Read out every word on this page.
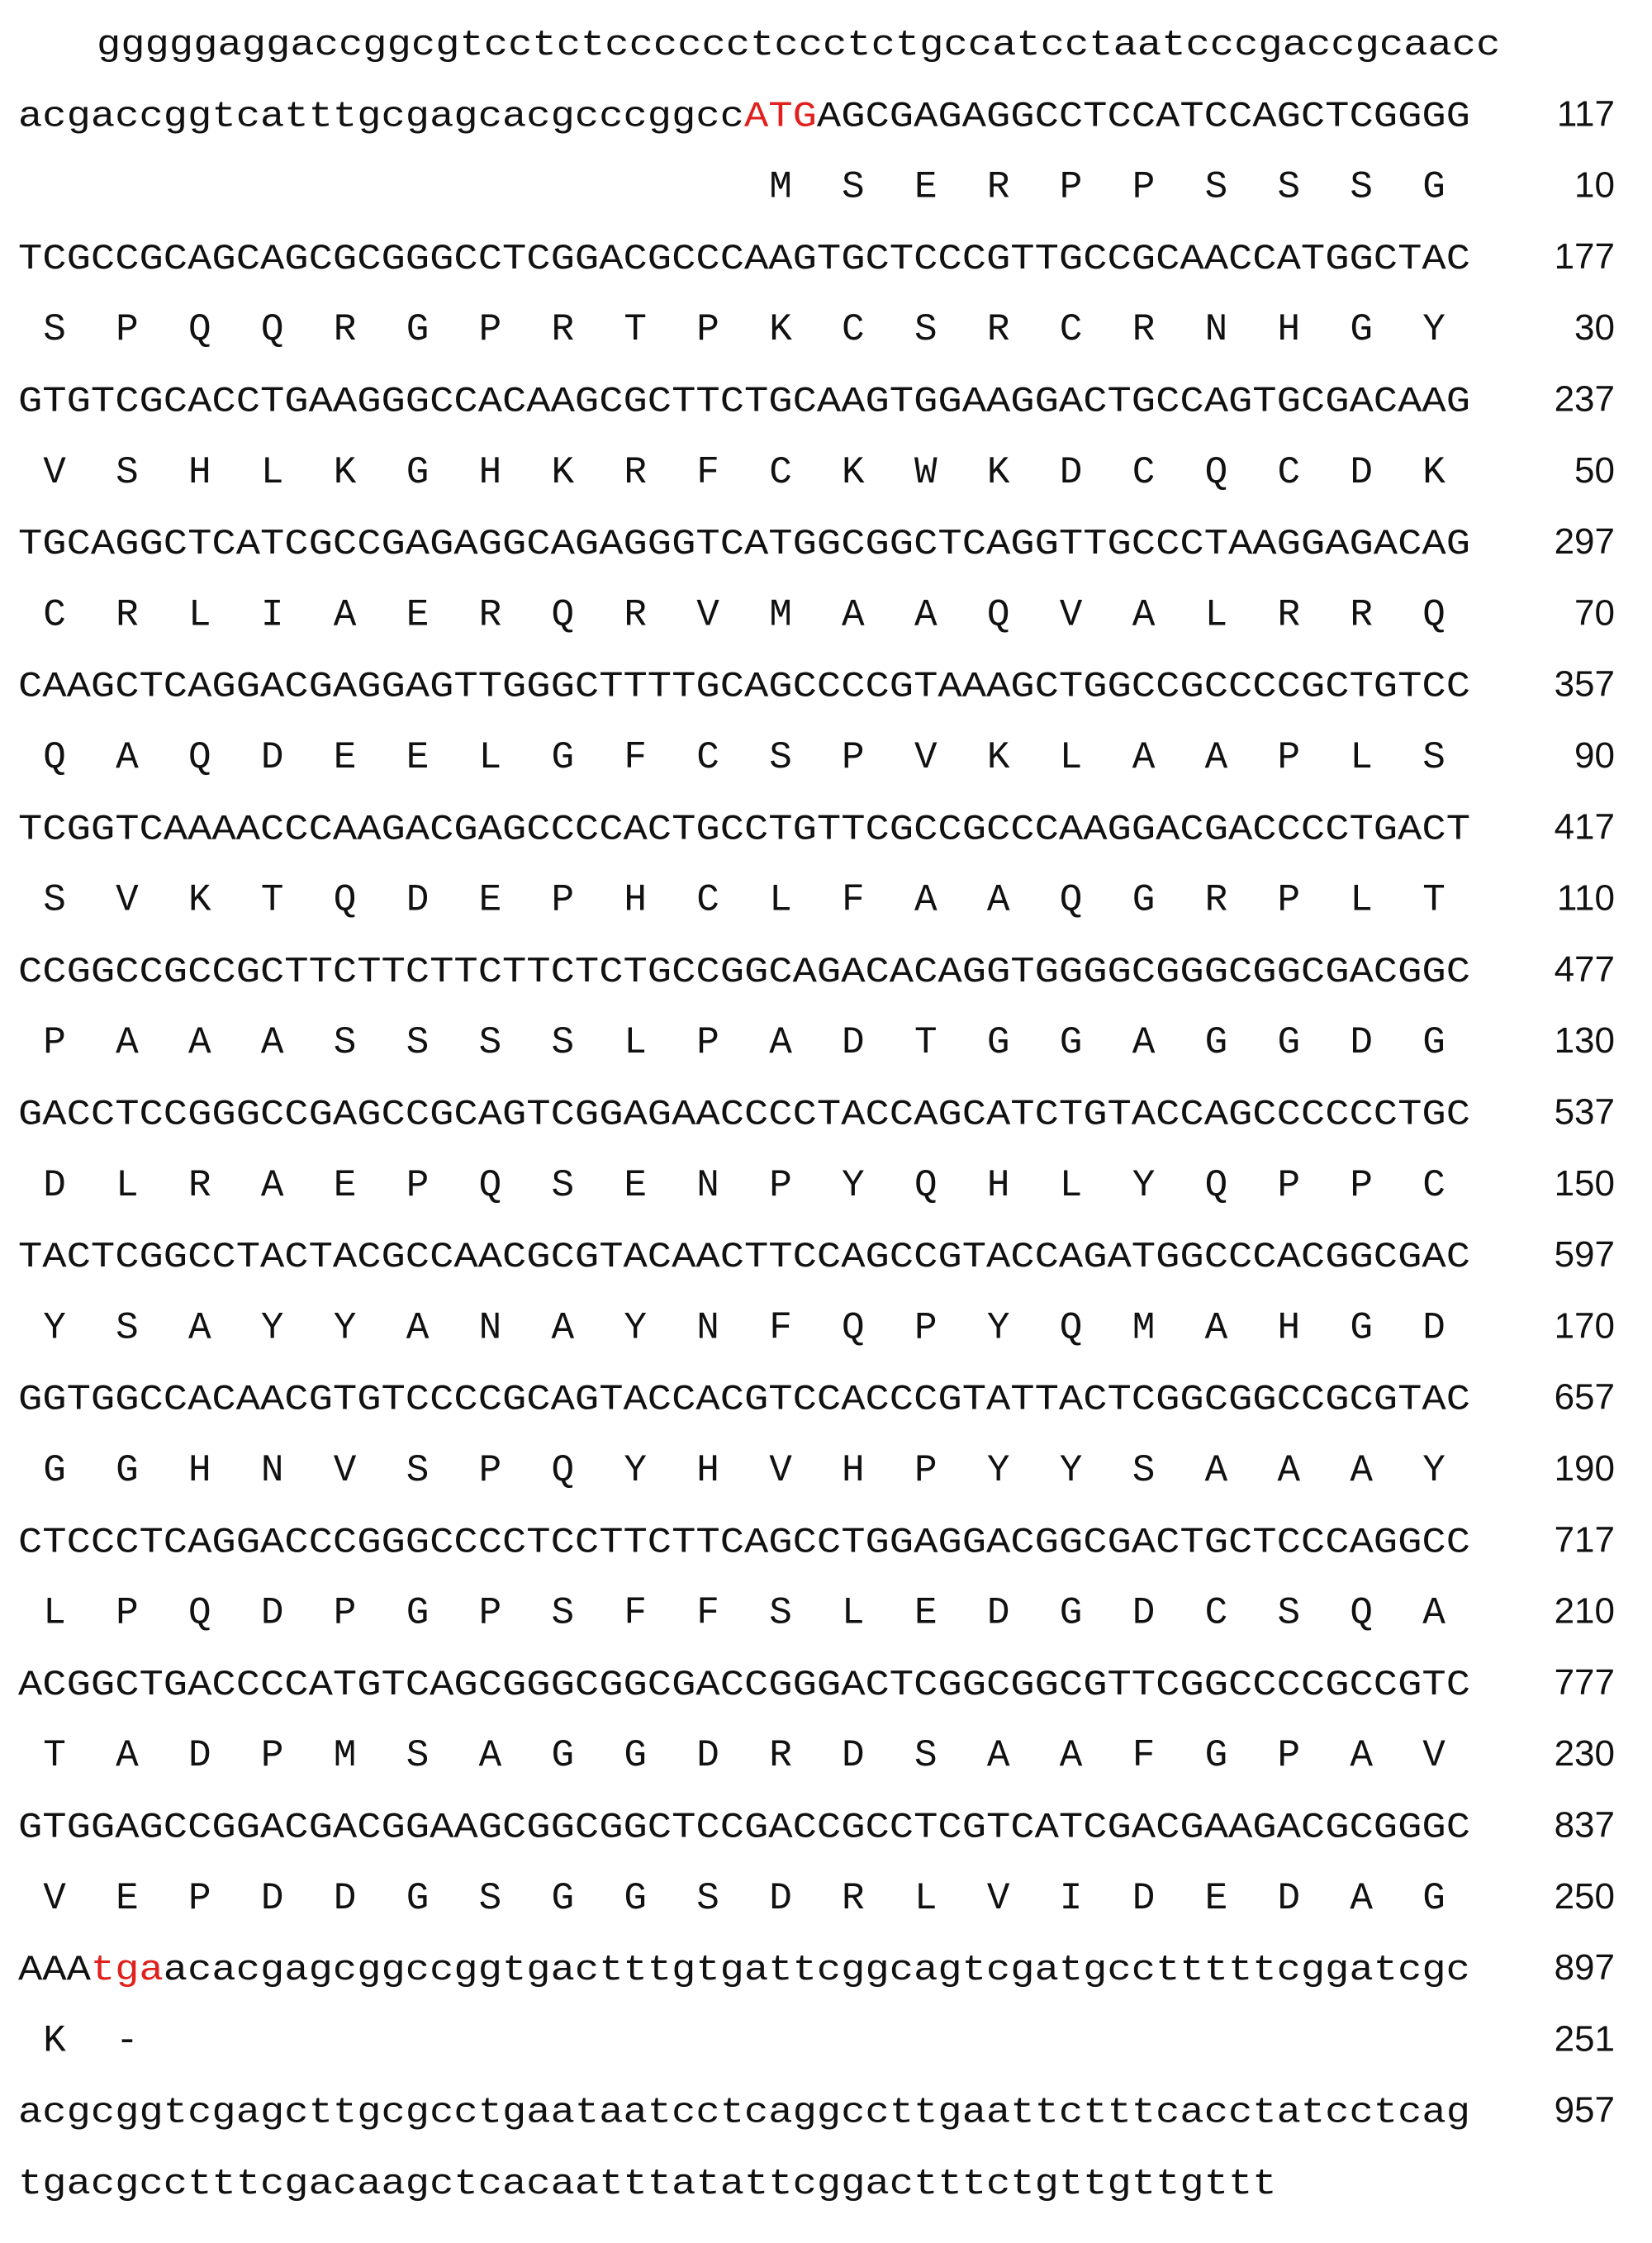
gggggaggaccggcgtcctctcccccctccctctgccatcctaatcccgaccgcaacc
acgaccggtcatttgcgagcacgcccggcc ATG AGCGAGAGGCCTCCATCCAGCTCGGGG	117
M S E R P P S S S G	10
TCGCCGCAGCAGCGCGGGCCTCGGACGCCCAAGTGCTCCCGTTGCCGCAACCATGGCTAC 177
S P Q Q R G P R T P K C S R C R N H G Y	30
GTGTCGCACCTGAAGGGCCACAAGCGCTTCTGCAAGTGGAAGGACTGCCAGTGCGACAAG 237
V S H L K G H K R F C K W K D C Q C D K	50
TGCAGGCTCATCGCCGAGAGGCAGAGGGTCATGGCGGCTCAGGTTGCCCTAAGGAGACAG 297
C R L I A E R Q R V M A A Q V A L R R Q	70
CAAGCTCAGGACGAGGAGTTGGGCTTTTGCAGCCCCGTAAAGCTGGCCGCCCCGCTGTCC 357
Q A Q D E E L G F C S P V K L A A P L S	90
TCGGTCAAAACCCAAGACGAGCCCCACTGCCTGTTCGCCGCCCAAGGACGACCCCTGACT 417
S V K T Q D E P H C L F A A Q G R P L T	110
CCGGCCGCCGCTTCTTCTTCTTCTCTGCCGGCAGACACAGGTGGGGCGGGCGGCGACGGC 477
P A A A S S S S L P A D T G G A G G D G	130
GACCTCCGGGCCGAGCCGCAGTCGGAGAACCCCTACCAGCATCTGTACCAGCCCCCCTGC 537
D L R A E P Q S E N P Y Q H L Y Q P P C	150
TACTCGGCCTACTACGCCAACGCGTACAACTTCCAGCCGTACCAGATGGCCCACGGCGAC 597
Y S A Y Y A N A Y N F Q P Y Q M A H G D	170
GGTGGCCACAACGTGTCCCCGCAGTACCACGTCCACCCGTATTACTCGGCGGCCGCGTAC 657
G G H N V S P Q Y H V H P Y Y S A A A Y	190
CTCCCTCAGGACCCGGGCCCCTCCTTCTTCAGCCTGGAGGACGGCGACTGCTCCCAGGCC 717
L P Q D P G P S F F S L E D G D C S Q A	210
ACGGCTGACCCCATGTCAGCGGGCGGCGACCGGGACTCGGCGGCGTTCGGCCCCGCCGTC 777
T A D P M S A G G D R D S A A F G P A V	230
GTGGAGCCGGACGACGGAAGCGGCGGCTCCGACCGCCTCGTCATCGACGAAGACGCGGGC 837
V E P D D G S G G S D R L V I D E D A G	250
AAA tga acacgagcggccggtgactttgtgattcggcagtcgatgcctttttcggatcgc	897
K -	251
acgcggtcgagcttgcgcctgaataatcctcaggccttgaattctttcacctatcctcag 957
tgacgcctttcgacaagctcacaatttatattcggactttctgttgttgttt
